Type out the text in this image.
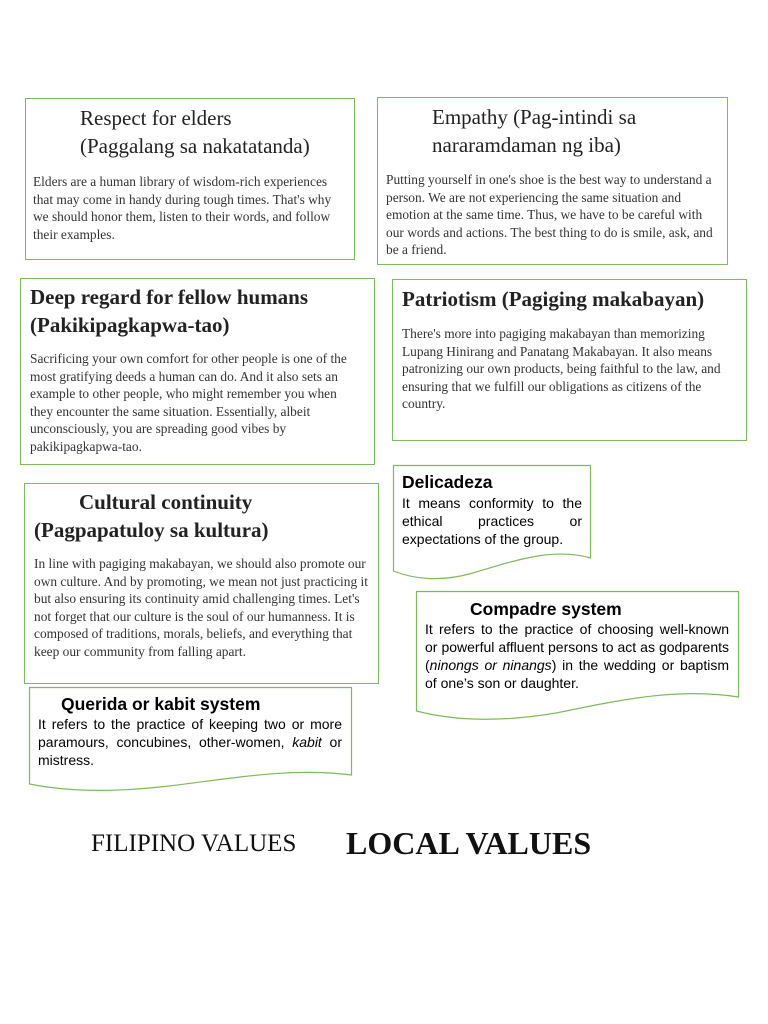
Respect for elders
(Paggalang sa nakatatanda)
Elders are a human library of wisdom-rich experiences that may come in handy during tough times. That's why we should honor them, listen to their words, and follow their examples.
Empathy (Pag-intindi sa
nararamdaman ng iba)
Putting yourself in one's shoe is the best way to understand a person. We are not experiencing the same situation and emotion at the same time. Thus, we have to be careful with our words and actions. The best thing to do is smile, ask, and be a friend.
Deep regard for fellow humans
(Pakikipagkapwa-tao)
Sacrificing your own comfort for other people is one of the most gratifying deeds a human can do. And it also sets an example to other people, who might remember you when they encounter the same situation. Essentially, albeit unconsciously, you are spreading good vibes by pakikipagkapwa-tao.
Patriotism (Pagiging makabayan)
There's more into pagiging makabayan than memorizing Lupang Hinirang and Panatang Makabayan. It also means patronizing our own products, being faithful to the law, and ensuring that we fulfill our obligations as citizens of the country.
Cultural continuity
(Pagpapatuloy sa kultura)
In line with pagiging makabayan, we should also promote our own culture. And by promoting, we mean not just practicing it but also ensuring its continuity amid challenging times. Let's not forget that our culture is the soul of our humanness. It is composed of traditions, morals, beliefs, and everything that keep our community from falling apart.
Delicadeza
It means conformity to the ethical practices or expectations of the group.
Compadre system
It refers to the practice of choosing well-known or powerful affluent persons to act as godparents (ninongs or ninangs) in the wedding or baptism of one’s son or daughter.
Querida or kabit system
It refers to the practice of keeping two or more paramours, concubines, other-women, kabit or mistress.
FILIPINO VALUES LOCAL VALUES
